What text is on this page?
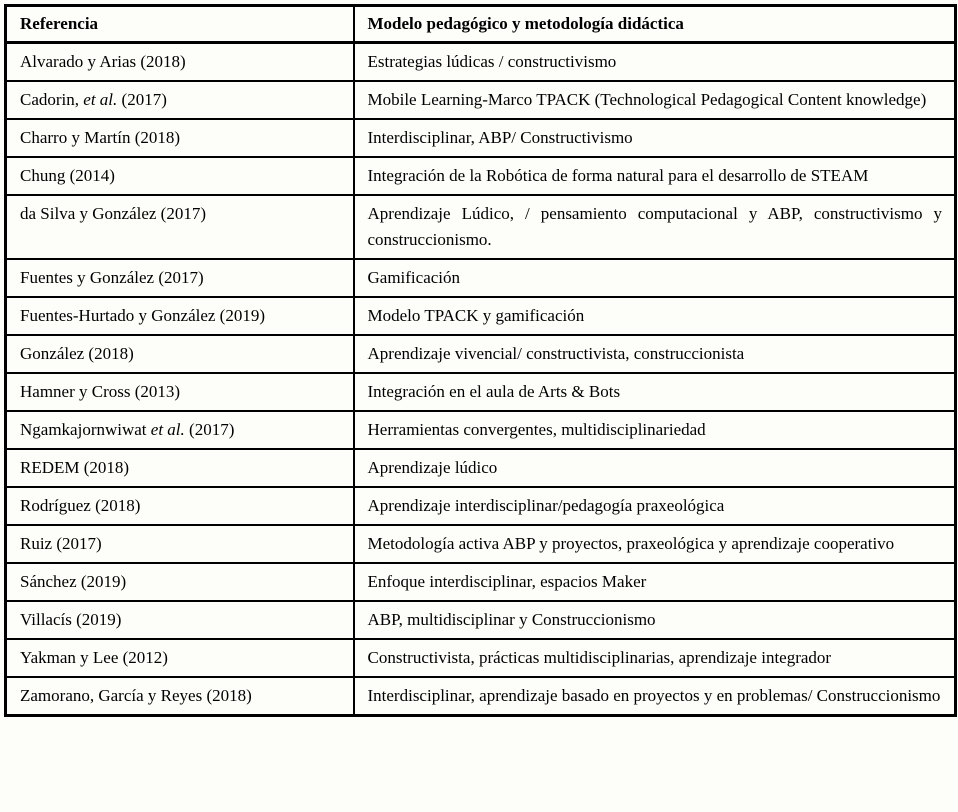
Referencia	Modelo pedagógico y metodología didáctica
Alvarado y Arias (2018)	Estrategias lúdicas / constructivismo
Cadorin, et al. (2017)	Mobile Learning-Marco TPACK (Technological Pedagogical Content knowledge)
Charro y Martín (2018)	Interdisciplinar, ABP/ Constructivismo
Chung (2014)	Integración de la Robótica de forma natural para el desarrollo de STEAM
da Silva y González (2017)	Aprendizaje Lúdico, / pensamiento computacional y ABP, constructivismo y construccionismo.
Fuentes y González (2017)	Gamificación
Fuentes-Hurtado y González (2019)	Modelo TPACK y gamificación
González (2018)	Aprendizaje vivencial/ constructivista, construccionista
Hamner y Cross (2013)	Integración en el aula de Arts & Bots
Ngamkajornwiwat et al. (2017)	Herramientas convergentes, multidisciplinariedad
REDEM (2018)	Aprendizaje lúdico
Rodríguez (2018)	Aprendizaje interdisciplinar/pedagogía praxeológica
Ruiz (2017)	Metodología activa ABP y proyectos, praxeológica y aprendizaje cooperativo
Sánchez (2019)	Enfoque interdisciplinar, espacios Maker
Villacís (2019)	ABP, multidisciplinar y Construccionismo
Yakman y Lee (2012)	Constructivista, prácticas multidisciplinarias, aprendizaje integrador
Zamorano, García y Reyes (2018)	Interdisciplinar, aprendizaje basado en proyectos y en problemas/ Construccionismo
